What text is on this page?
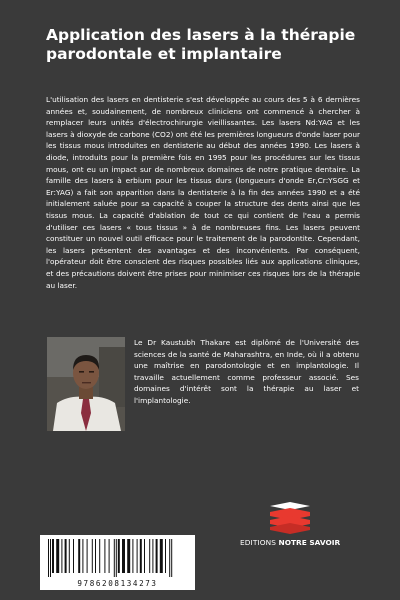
Application des lasers à la thérapie parodontale et implantaire

L'utilisation des lasers en dentisterie s'est développée au cours des 5 à 6 dernières années et, soudainement, de nombreux cliniciens ont commencé à chercher à remplacer leurs unités d'électrochirurgie vieillissantes. Les lasers Nd:YAG et les lasers à dioxyde de carbone (CO2) ont été les premières longueurs d'onde laser pour les tissus mous introduites en dentisterie au début des années 1990. Les lasers à diode, introduits pour la première fois en 1995 pour les procédures sur les tissus mous, ont eu un impact sur de nombreux domaines de notre pratique dentaire. La famille des lasers à erbium pour les tissus durs (longueurs d'onde Er,Cr:YSGG et Er:YAG) a fait son apparition dans la dentisterie à la fin des années 1990 et a été initialement saluée pour sa capacité à couper la structure des dents ainsi que les tissus mous. La capacité d'ablation de tout ce qui contient de l'eau a permis d'utiliser ces lasers « tous tissus » à de nombreuses fins. Les lasers peuvent constituer un nouvel outil efficace pour le traitement de la parodontite. Cependant, les lasers présentent des avantages et des inconvénients. Par conséquent, l'opérateur doit être conscient des risques possibles liés aux applications cliniques, et des précautions doivent être prises pour minimiser ces risques lors de la thérapie au laser.

Le Dr Kaustubh Thakare est diplômé de l'Université des sciences de la santé de Maharashtra, en Inde, où il a obtenu une maîtrise en parodontologie et en implantologie. Il travaille actuellement comme professeur associé. Ses domaines d'intérêt sont la thérapie au laser et l'implantologie.

EDITIONS NOTRE SAVOIR
9786208134273
